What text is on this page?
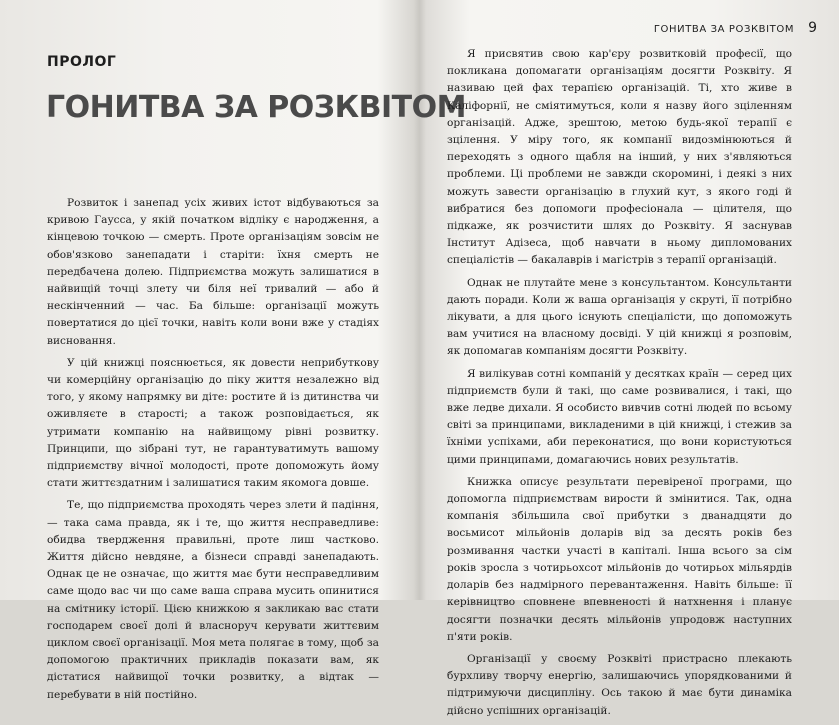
ПРОЛОГ
ГОНИТВА ЗА РОЗКВІТОМ

Розвиток і занепад усіх живих істот відбуваються за кривою Гаусса, у якій початком відліку є народження, а кінцевою точкою — смерть. Проте організаціям зовсім не обов'язково занепадати і старіти: їхня смерть не передбачена долею. Підприємства можуть залишатися в найвищій точці злету чи біля неї тривалий — або й нескінченний — час. Ба більше: організації можуть повертатися до цієї точки, навіть коли вони вже у стадіях висновання.

У цій книжці пояснюється, як довести неприбуткову чи комерційну організацію до піку життя незалежно від того, у якому напрямку ви діте: ростите й із дитинства чи оживляєте в старості; а також розповідається, як утримати компанію на найвищому рівні розвитку. Принципи, що зібрані тут, не гарантуватимуть вашому підприємству вічної молодості, проте допоможуть йому стати життєздатним і залишатися таким якомога довше.

Те, що підприємства проходять через злети й падіння, — така сама правда, як і те, що життя несправедливе: обидва твердження правильні, проте лиш частково. Життя дійсно невдяне, а бізнеси справді занепадають. Однак це не означає, що життя має бути несправедливим саме щодо вас чи що саме ваша справа мусить опинитися на смітнику історії. Цією книжкою я закликаю вас стати господарем своєї долі й власноруч керувати життєвим циклом своєї організації. Моя мета полягає в тому, щоб за допомогою практичних прикладів показати вам, як дістатися найвищої точки розвитку, а відтак — перебувати в ній постійно.

ГОНИТВА ЗА РОЗКВІТОМ 9

Я присвятив свою кар'єру розвитковій професії, що покликана допомагати організаціям досягти Розквіту. Я називаю цей фах терапією організацій. Ті, хто живе в Каліфорнії, не сміятимуться, коли я назву його зціленням організацій. Адже, зрештою, метою будь-якої терапії є зцілення. У міру того, як компанії видозмінюються й переходять з одного щабля на інший, у них з'являються проблеми. Ці проблеми не завжди скоромині, і деякі з них можуть завести організацію в глухий кут, з якого годі й вибратися без допомоги професіонала — цілителя, що підкаже, як розчистити шлях до Розквіту. Я заснував Інститут Адізеса, щоб навчати в ньому дипломованих спеціалістів — бакалаврів і магістрів з терапії організацій.

Однак не плутайте мене з консультантом. Консультанти дають поради. Коли ж ваша організація у скруті, її потрібно лікувати, а для цього існують спеціалісти, що допоможуть вам учитися на власному досвіді. У цій книжці я розповім, як допомагав компаніям досягти Розквіту.

Я вилікував сотні компаній у десятках країн — серед цих підприємств були й такі, що саме розвивалися, і такі, що вже ледве дихали. Я особисто вивчив сотні людей по всьому світі за принципами, викладеними в цій книжці, і стежив за їхніми успіхами, аби переконатися, що вони користуються цими принципами, домагаючись нових результатів.

Книжка описує результати перевіреної програми, що допомогла підприємствам вирости й змінитися. Так, одна компанія збільшила свої прибутки з дванадцяти до восьмисот мільйонів доларів від за десять років без розмивання частки участі в капіталі. Інша всього за сім років зросла з чотирьохсот мільйонів до чотирьох мільярдів доларів без надмірного перевантаження. Навіть більше: її керівництво сповнене впевненості й натхнення і планує досягти позначки десять мільйонів упродовж наступних п'яти років.

Організації у своєму Розквіті пристрасно плекають бурхливу творчу енергію, залишаючись упорядкованими й підтримуючи дисципліну. Ось такою й має бути динаміка дійсно успішних організацій.
